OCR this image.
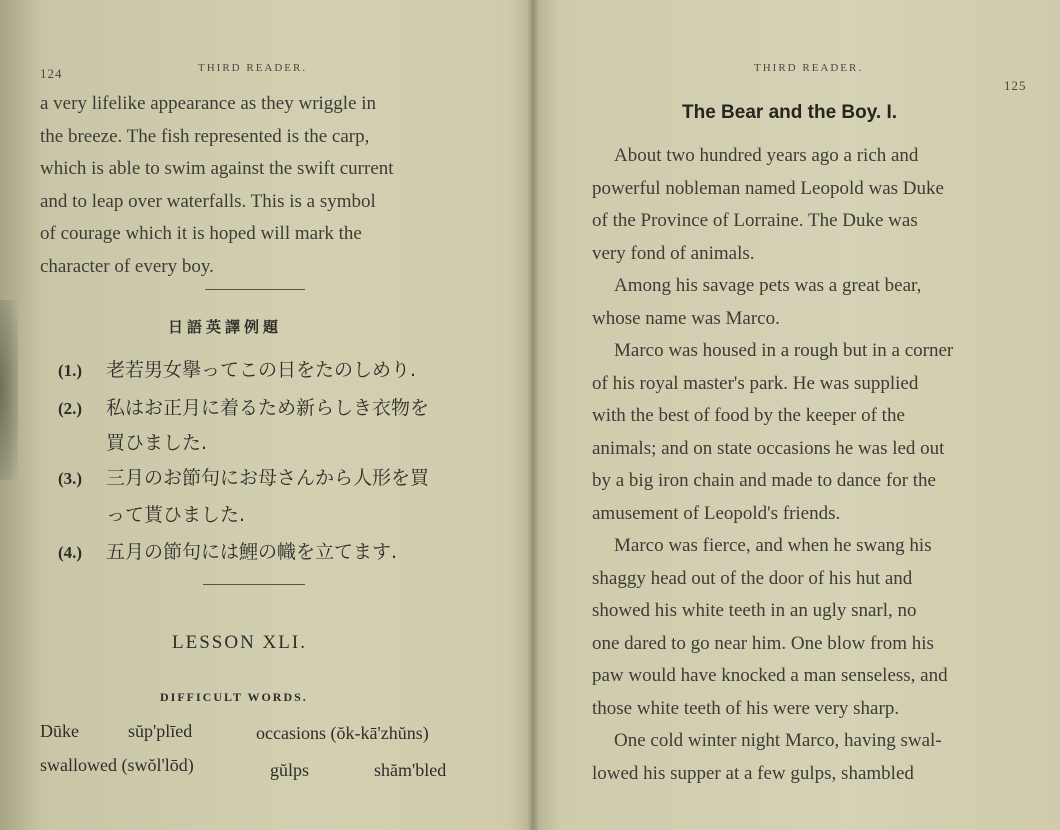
124	THIRD READER.
a very lifelike appearance as they wriggle in
the breeze. The fish represented is the carp,
which is able to swim against the swift current
and to leap over waterfalls. This is a symbol
of courage which it is hoped will mark the
character of every boy.
日語英譯例題
(1.) 老若男女擧ってこの日をたのしめり.
(2.) 私はお正月に着るため新らしき衣物を
買ひました.
(3.) 三月のお節句にお母さんから人形を買
って貰ひました.
(4.) 五月の節句には鯉の幟を立てます.
LESSON XLI.
DIFFICULT WORDS.
Dūke	sŭp'plīed	occasions (ŏk-kā'zhŭns)
swallowed (swŏl'lōd)	gŭlps	shăm'bled
THIRD READER.
125
The Bear and the Boy. I.
About two hundred years ago a rich and
powerful nobleman named Leopold was Duke
of the Province of Lorraine. The Duke was
very fond of animals.
Among his savage pets was a great bear,
whose name was Marco.
Marco was housed in a rough but in a corner
of his royal master's park. He was supplied
with the best of food by the keeper of the
animals; and on state occasions he was led out
by a big iron chain and made to dance for the
amusement of Leopold's friends.
Marco was fierce, and when he swang his
shaggy head out of the door of his hut and
showed his white teeth in an ugly snarl, no
one dared to go near him. One blow from his
paw would have knocked a man senseless, and
those white teeth of his were very sharp.
One cold winter night Marco, having swal-
lowed his supper at a few gulps, shambled
